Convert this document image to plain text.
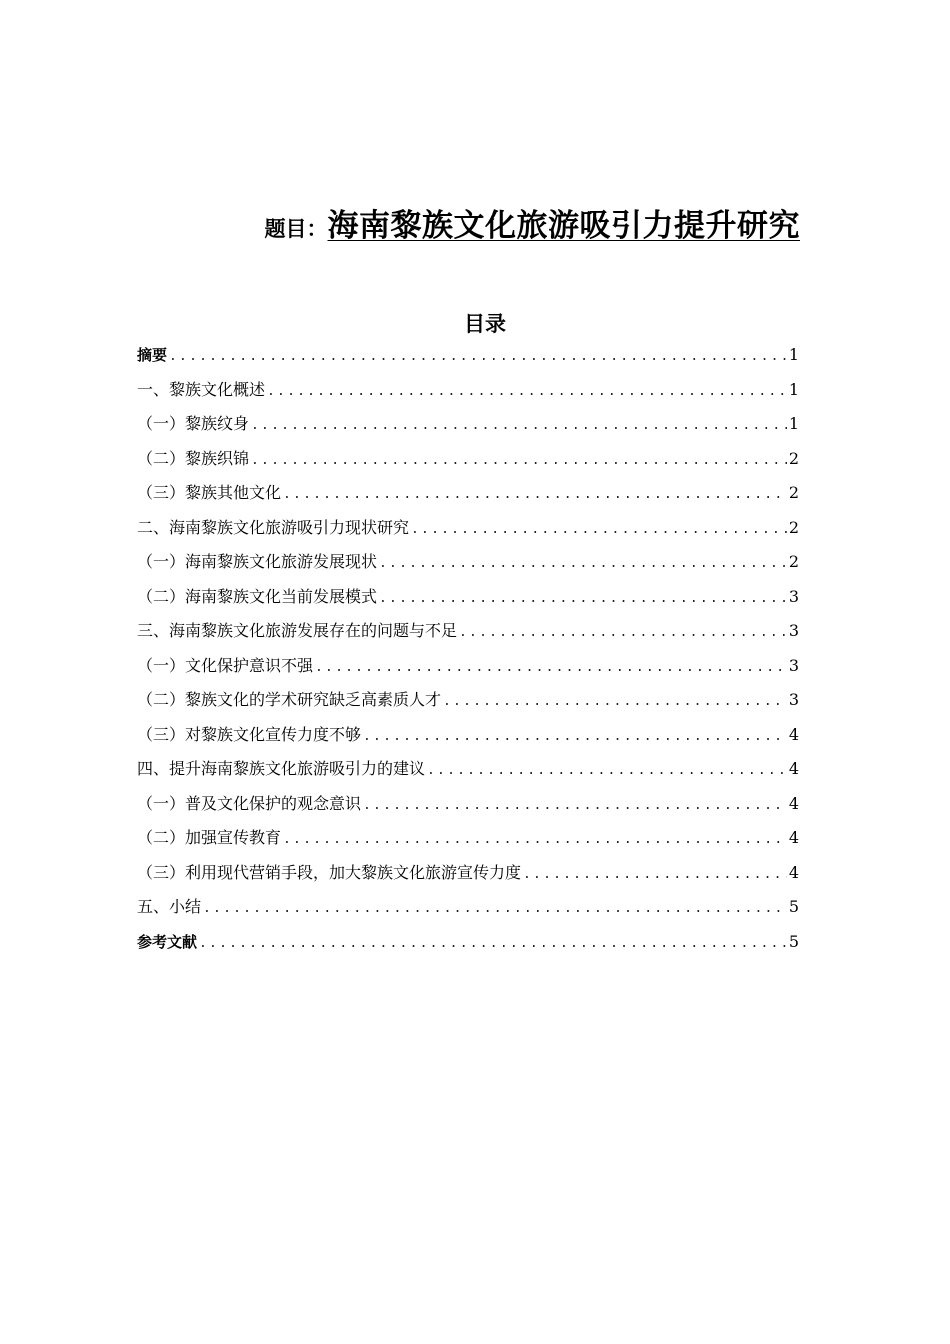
题目： 海南黎族文化旅游吸引力提升研究
目录
摘要 .....	1
一、黎族文化概述 .....	1
（一）黎族纹身 .....	1
（二）黎族织锦 .....	2
（三）黎族其他文化 .....	2
二、海南黎族文化旅游吸引力现状研究 .....	2
（一）海南黎族文化旅游发展现状 .....	2
（二）海南黎族文化当前发展模式 .....	3
三、海南黎族文化旅游发展存在的问题与不足 .....	3
（一）文化保护意识不强 .....	3
（二）黎族文化的学术研究缺乏高素质人才 .....	3
（三）对黎族文化宣传力度不够 .....	4
四、提升海南黎族文化旅游吸引力的建议 .....	4
（一）普及文化保护的观念意识 .....	4
（二）加强宣传教育 .....	4
（三）利用现代营销手段，加大黎族文化旅游宣传力度 .....	4
五、小结 .....	5
参考文献 .....	5
